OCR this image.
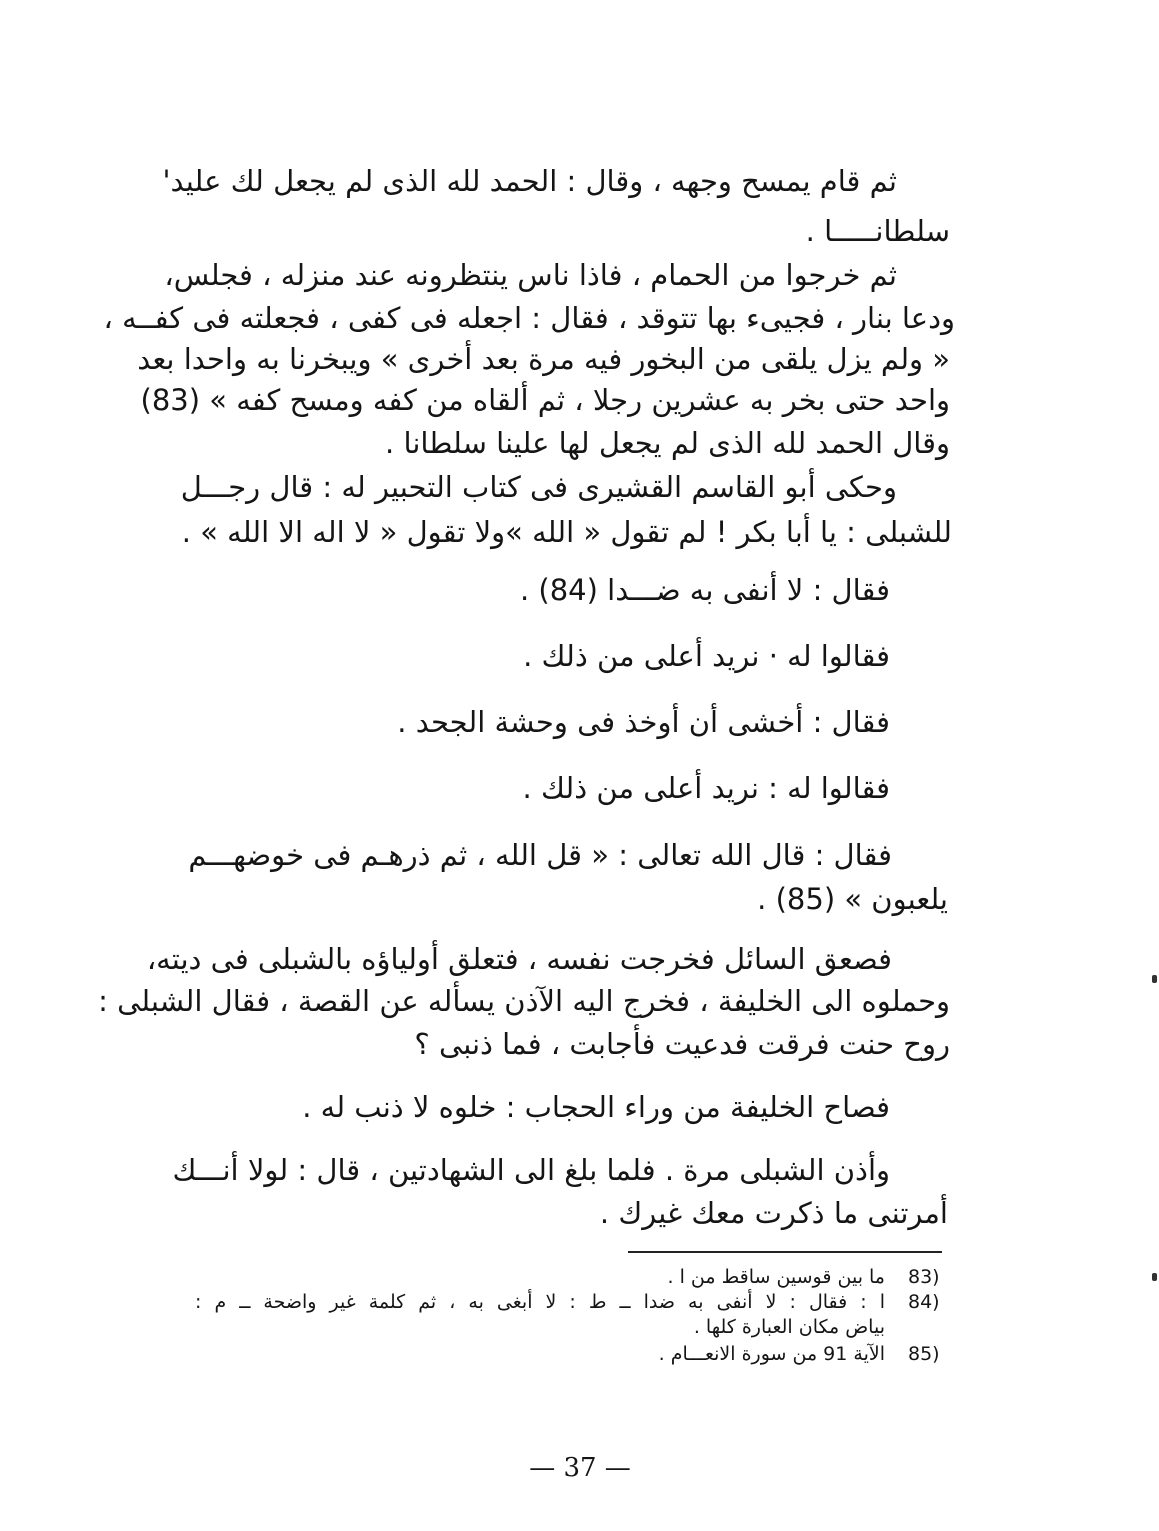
ثم قام يمسح وجهه ، وقال : الحمد لله الذى لم يجعل لك عليد'
سلطانـــــا .
ثم خرجوا من الحمام ، فاذا ناس ينتظرونه عند منزله ، فجلس،
ودعا بنار ، فجيىء بها تتوقد ، فقال : اجعله فى كفى ، فجعلته فى كفــه ،
« ولم يزل يلقى من البخور فيه مرة بعد أخرى » ويبخرنا به واحدا بعد
واحد حتى بخر به عشرين رجلا ، ثم ألقاه من كفه ومسح كفه » (83)
وقال الحمد لله الذى لم يجعل لها علينا سلطانا .
وحكى أبو القاسم القشيرى فى كتاب التحبير له : قال رجـــل
للشبلى : يا أبا بكر ! لم تقول « الله »ولا تقول « لا اله الا الله » .
فقال : لا أنفى به ضـــدا (84) .
فقالوا له · نريد أعلى من ذلك .
فقال : أخشى أن أوخذ فى وحشة الجحد .
فقالوا له : نريد أعلى من ذلك .
فقال : قال الله تعالى : « قل الله ، ثم ذرهـم فى خوضهـــم
يلعبون » (85) .
فصعق السائل فخرجت نفسه ، فتعلق أولياؤه بالشبلى فى ديته،
وحملوه الى الخليفة ، فخرج اليه الآذن يسأله عن القصة ، فقال الشبلى :
روح حنت فرقت فدعيت فأجابت ، فما ذنبى ؟
فصاح الخليفة من وراء الحجاب : خلوه لا ذنب له .
وأذن الشبلى مرة . فلما بلغ الى الشهادتين ، قال : لولا أنـــك
أمرتنى ما ذكرت معك غيرك .
ما بين قوسين ساقط من ا . 83)
ا : فقال : لا أنفى به ضدا ــ ط : لا أبغى به ، ثم كلمة غير واضحة ــ م : 84)
بياض مكان العبارة كلها .
الآية 91 من سورة الانعـــام . 85)
— 37 —
